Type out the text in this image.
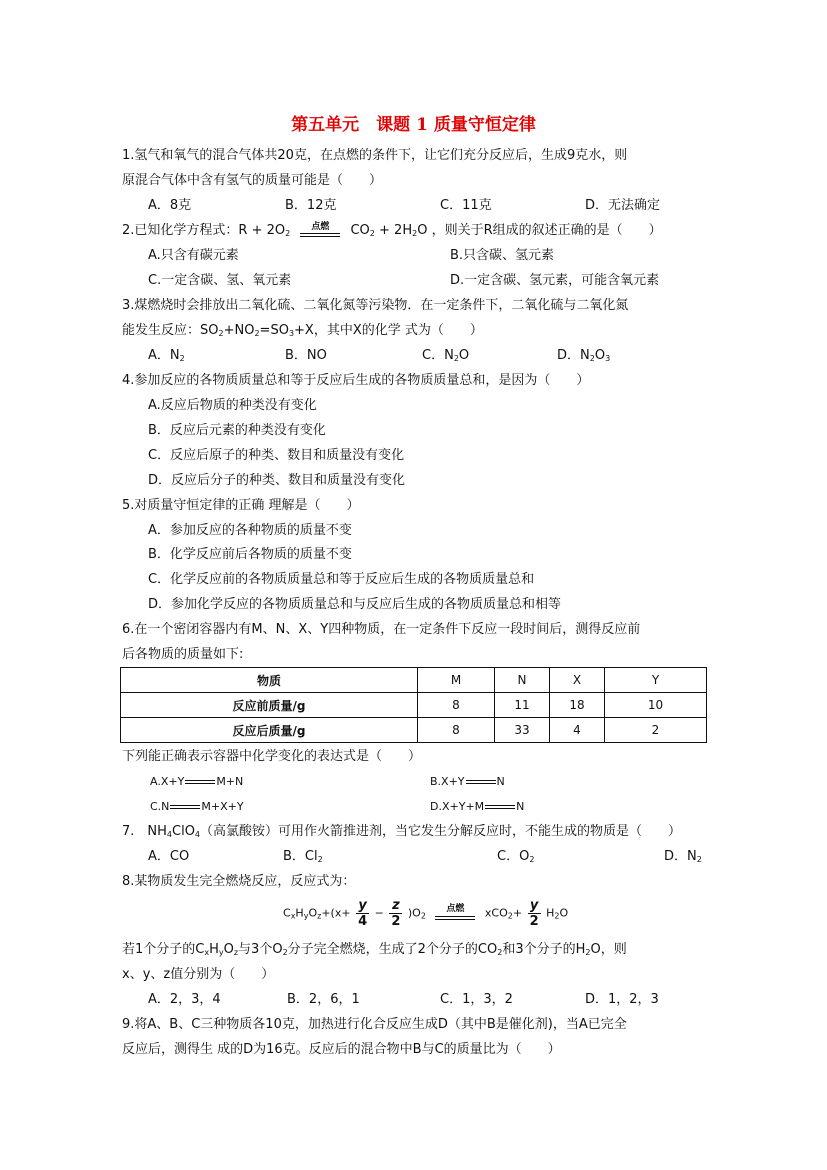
第五单元　课题 1 质量守恒定律
1.氢气和氧气的混合气体共20克，在点燃的条件下，让它们充分反应后，生成9克水，则
原混合气体中含有氢气的质量可能是（　　）
A．8克	B．12克	C．11克	D．无法确定
2.已知化学方程式：$R + 2O_2$
点燃	$CO_2 + 2H_2O$ ，则关于R组成的叙述正确的是（　　）
A.只含有碳元素	B.只含碳、氢元素
C.一定含碳、氢、氧元素	D.一定含碳、氢元素，可能含氧元素
3.煤燃烧时会排放出二氧化硫、二氧化氮等污染物．在一定条件下，二氧化硫与二氧化氮
能发生反应：$SO_2+NO_2=SO_3+X$，其中X的化学 式为（　　）
A．$N_2$	B．NO	C．$N_2O$	D．$N_2O_3$
4.参加反应的各物质质量总和等于反应后生成的各物质质量总和，是因为（　　）
A.反应后物质的种类没有变化
B．反应后元素的种类没有变化
C．反应后原子的种类、数目和质量没有变化
D．反应后分子的种类、数目和质量没有变化
5.对质量守恒定律的正确 理解是（　　）
A．参加反应的各种物质的质量不变
B．化学反应前后各物质的质量不变
C．化学反应前的各物质质量总和等于反应后生成的各物质质量总和
D．参加化学反应的各物质质量总和与反应后生成的各物质质量总和相等
6.在一个密闭容器内有M、N、X、Y四种物质，在一定条件下反应一段时间后，测得反应前
后各物质的质量如下:
物质	M	N	X	Y
反应前质量/g	8	11	18	10
反应后质量/g	8	33	4	2
下列能正确表示容器中化学变化的表达式是（　　）
A.X+Y	M+N	B.X+Y	N
C.N	M+X+Y	D.X+Y+M	N
7.　$NH_4ClO_4$（高氯酸铵）可用作火箭推进剂，当它发生分解反应时，不能生成的物质是（　　）
A．CO	B．$Cl_2$	C．$O_2$	D．$N_2$
8.某物质发生完全燃烧反应，反应式为：
$C_xH_yO_z+(x+ \frac{y}{4} - \frac{z}{2} )O_2$
点燃	$xCO_2+ \frac{y}{2} H_2O$
若1个分子的$C_xH_yO_z$与3个$O_2$分子完全燃烧，生成了2个分子的$CO_2$和3个分子的$H_2O$，则
x、y、z值分别为（　　）
A．2，3，4	B．2，6，1	C．1，3，2	D．1，2，3
9.将A、B、C三种物质各10克，加热进行化合反应生成D（其中B是催化剂)，当A已完全
反应后，测得生 成的D为16克。反应后的混合物中B与C的质量比为（　　）
